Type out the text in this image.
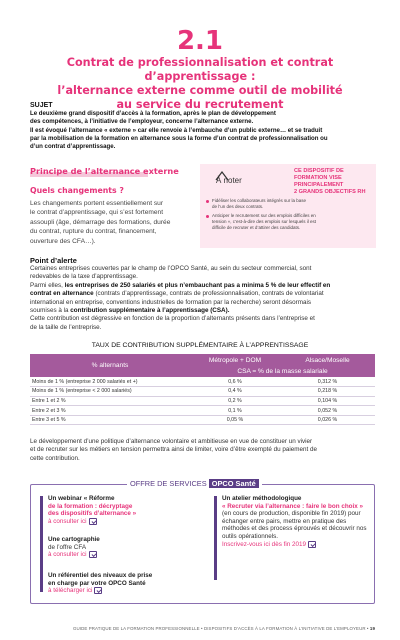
2.1
Contrat de professionnalisation et contrat d’apprentissage :
l’alternance externe comme outil de mobilité
au service du recrutement
SUJET
Le deuxième grand dispositif d’accès à la formation, après le plan de développement
des compétences, à l’initiative de l’employeur, concerne l’alternance externe.
Il est évoqué l’alternance « externe » car elle renvoie à l’embauche d’un public externe… et se traduit
par la mobilisation de la formation en alternance sous la forme d’un contrat de professionnalisation ou
d’un contrat d’apprentissage.
Principe de l’alternance externe
Quels changements ?
Les changements portent essentiellement sur
le contrat d’apprentissage, qui s’est fortement
assoupli (âge, démarrage des formations, durée
du contrat, rupture du contrat, financement,
ouverture des CFA…).
À noter
CE DISPOSITIF DE
FORMATION VISE
PRINCIPALEMENT
2 GRANDS OBJECTIFS RH
Fidéliser les collaborateurs intégrés sur la base
de l’un des deux contrats.
Anticiper le recrutement sur des emplois difficiles en
tension », c’est-à-dire des emplois sur lesquels il est
difficile de recruter et d’attirer des candidats.
Point d’alerte
Certaines entreprises couvertes par le champ de l’OPCO Santé, au sein du secteur commercial, sont
redevables de la taxe d’apprentissage.
Parmi elles, les entreprises de 250 salariés et plus n’embauchant pas a minima 5 % de leur effectif en
contrat en alternance (contrats d’apprentissage, contrats de professionnalisation, contrats de volontariat
international en entreprise, conventions industrielles de formation par la recherche) seront désormais
soumises à la contribution supplémentaire à l’apprentissage (CSA).
Cette contribution est dégressive en fonction de la proportion d’alternants présents dans l’entreprise et
de la taille de l’entreprise.
TAUX DE CONTRIBUTION SUPPLÉMENTAIRE À L’APPRENTISSAGE
% alternants	Métropole + DOM	Alsace/Moselle
	CSA = % de la masse salariale	
Moins de 1 % (entreprise 2 000 salariés et +)	0,6 %	0,312 %
Moins de 1 % (entreprise < 2 000 salariés)	0,4 %	0,218 %
Entre 1 et 2 %	0,2 %	0,104 %
Entre 2 et 3 %	0,1 %	0,052 %
Entre 3 et 5 %	0,05 %	0,026 %
Le développement d’une politique d’alternance volontaire et ambitieuse en vue de constituer un vivier
et de recruter sur les métiers en tension permettra ainsi de limiter, voire d’être exempté du paiement de
cette contribution.
OFFRE DE SERVICES OPCO Santé
Un webinar « Réforme
de la formation : décryptage
des dispositifs d’alternance »
à consulter ici
Une cartographie
de l’offre CFA
à consulter ici
Un référentiel des niveaux de prise
en charge par votre OPCO Santé
à télécharger ici
Un atelier méthodologique
« Recruter via l’alternance : faire le bon choix »
(en cours de production, disponible fin 2019) pour
échanger entre pairs, mettre en pratique des
méthodes et des process éprouvés et découvrir nos
outils opérationnels.
Inscrivez-vous ici dès fin 2019
GUIDE PRATIQUE DE LA FORMATION PROFESSIONNELLE • DISPOSITIFS D’ACCÈS À LA FORMATION À L’INITIATIVE DE L’EMPLOYEUR • 19
